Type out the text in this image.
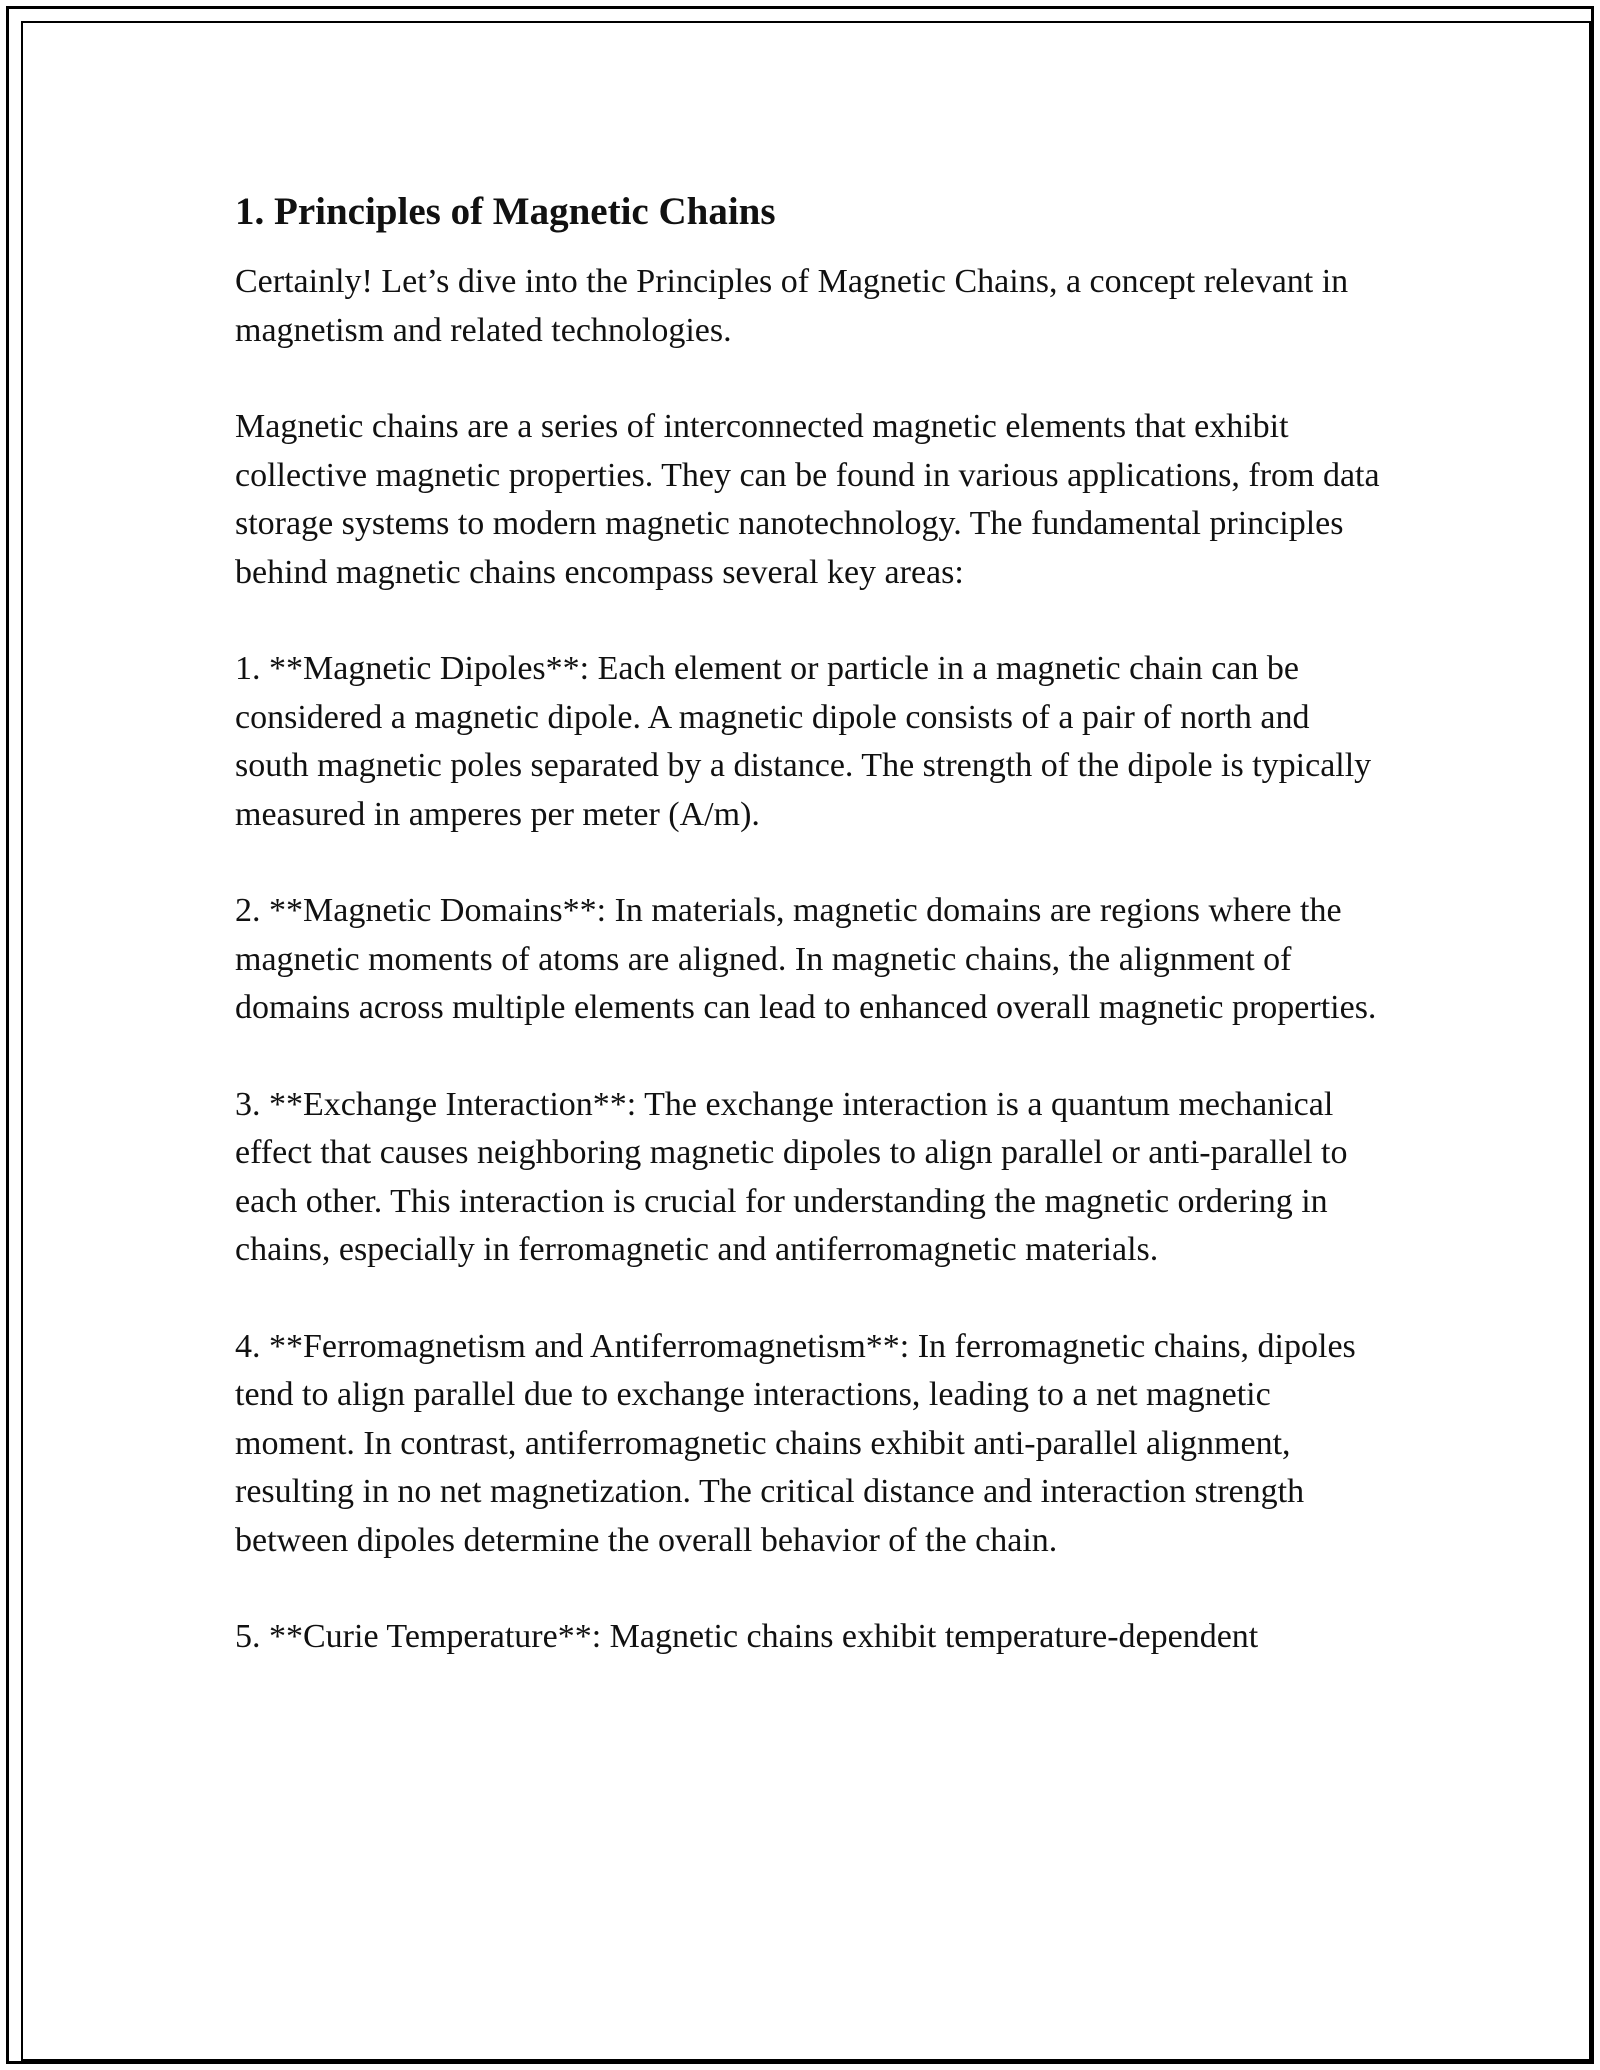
1. Principles of Magnetic Chains

Certainly! Let’s dive into the Principles of Magnetic Chains, a concept relevant in magnetism and related technologies.

Magnetic chains are a series of interconnected magnetic elements that exhibit collective magnetic properties. They can be found in various applications, from data storage systems to modern magnetic nanotechnology. The fundamental principles behind magnetic chains encompass several key areas:

1. **Magnetic Dipoles**: Each element or particle in a magnetic chain can be considered a magnetic dipole. A magnetic dipole consists of a pair of north and south magnetic poles separated by a distance. The strength of the dipole is typically measured in amperes per meter (A/m).

2. **Magnetic Domains**: In materials, magnetic domains are regions where the magnetic moments of atoms are aligned. In magnetic chains, the alignment of domains across multiple elements can lead to enhanced overall magnetic properties.

3. **Exchange Interaction**: The exchange interaction is a quantum mechanical effect that causes neighboring magnetic dipoles to align parallel or anti-parallel to each other. This interaction is crucial for understanding the magnetic ordering in chains, especially in ferromagnetic and antiferromagnetic materials.

4. **Ferromagnetism and Antiferromagnetism**: In ferromagnetic chains, dipoles tend to align parallel due to exchange interactions, leading to a net magnetic moment. In contrast, antiferromagnetic chains exhibit anti-parallel alignment, resulting in no net magnetization. The critical distance and interaction strength between dipoles determine the overall behavior of the chain.

5. **Curie Temperature**: Magnetic chains exhibit temperature-dependent
